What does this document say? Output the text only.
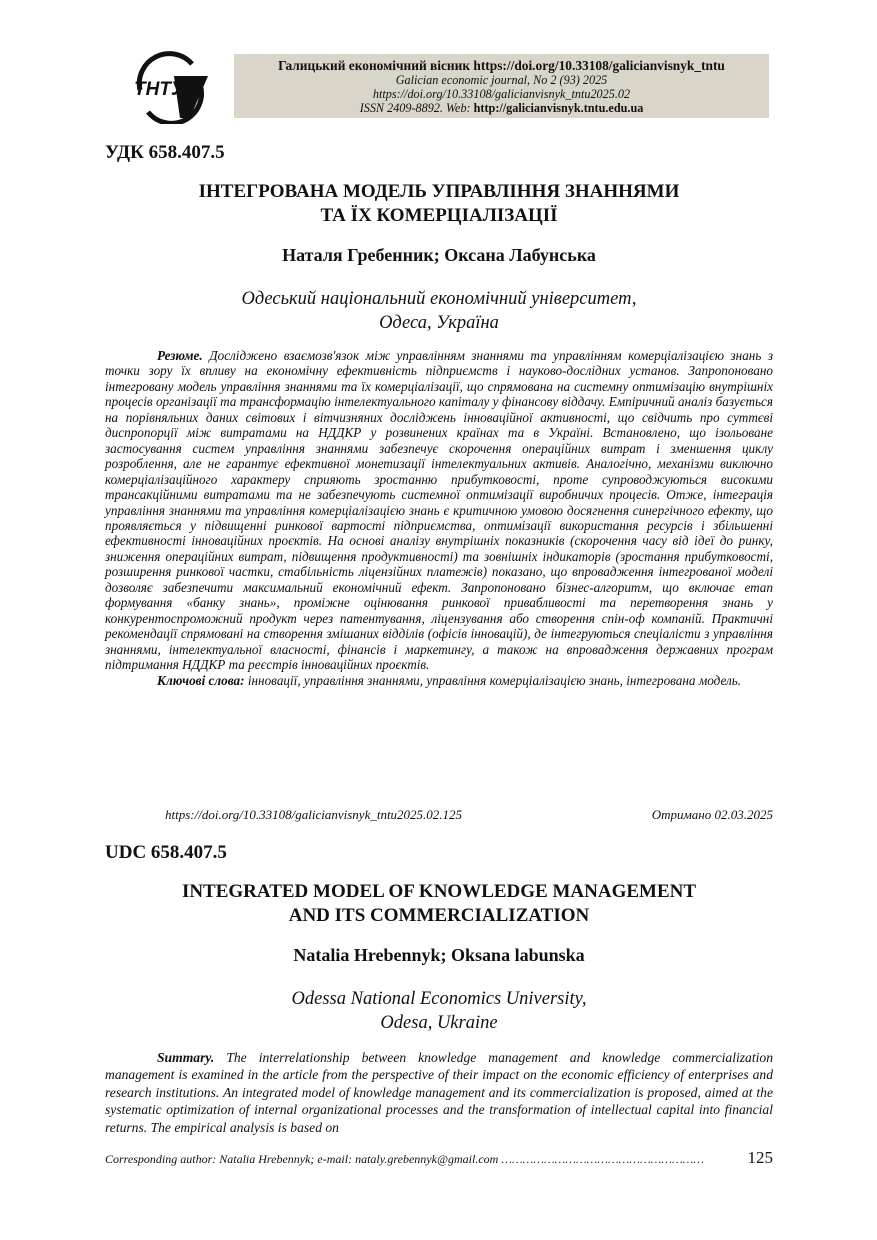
ТНТУ
Галицький економічний вісник https://doi.org/10.33108/galicianvisnyk_tntu
Galician economic journal, No 2 (93) 2025
https://doi.org/10.33108/galicianvisnyk_tntu2025.02
ISSN 2409-8892. Web: http://galicianvisnyk.tntu.edu.ua
УДК 658.407.5
ІНТЕГРОВАНА МОДЕЛЬ УПРАВЛІННЯ ЗНАННЯМИ
ТА ЇХ КОМЕРЦІАЛІЗАЦІЇ
Наталя Гребенник; Оксана Лабунська
Одеський національний економічний університет,
Одеса, Україна

Резюме. Досліджено взаємозв'язок між управлінням знаннями та управлінням комерціалізацією знань з точки зору їх впливу на економічну ефективність підприємств і науково-дослідних установ. Запропоновано інтегровану модель управління знаннями та їх комерціалізації, що спрямована на системну оптимізацію внутрішніх процесів організації та трансформацію інтелектуального капіталу у фінансову віддачу. Емпіричний аналіз базується на порівняльних даних світових і вітчизняних досліджень інноваційної активності, що свідчить про суттєві диспропорції між витратами на НДДКР у розвинених країнах та в Україні. Встановлено, що ізольоване застосування систем управління знаннями забезпечує скорочення операційних витрат і зменшення циклу розроблення, але не гарантує ефективної монетизації інтелектуальних активів. Аналогічно, механізми виключно комерціалізаційного характеру сприяють зростанню прибутковості, проте супроводжуються високими трансакційними витратами та не забезпечують системної оптимізації виробничих процесів. Отже, інтеграція управління знаннями та управління комерціалізацією знань є критичною умовою досягнення синергічного ефекту, що проявляється у підвищенні ринкової вартості підприємства, оптимізації використання ресурсів і збільшенні ефективності інноваційних проєктів. На основі аналізу внутрішніх показників (скорочення часу від ідеї до ринку, зниження операційних витрат, підвищення продуктивності) та зовнішніх індикаторів (зростання прибутковості, розширення ринкової частки, стабільність ліцензійних платежів) показано, що впровадження інтегрованої моделі дозволяє забезпечити максимальний економічний ефект. Запропоновано бізнес-алгоритм, що включає етап формування «банку знань», проміжне оцінювання ринкової привабливості та перетворення знань у конкурентоспроможний продукт через патентування, ліцензування або створення спін-оф компаній. Практичні рекомендації спрямовані на створення змішаних відділів (офісів інновацій), де інтегруються спеціалісти з управління знаннями, інтелектуальної власності, фінансів і маркетингу, а також на впровадження державних програм підтримання НДДКР та реєстрів інноваційних проєктів.

Ключові слова: інновації, управління знаннями, управління комерціалізацією знань, інтегрована модель.

https://doi.org/10.33108/galicianvisnyk_tntu2025.02.125	Отримано 02.03.2025
UDC 658.407.5
INTEGRATED MODEL OF KNOWLEDGE MANAGEMENT
AND ITS COMMERCIALIZATION
Natalia Hrebennyk; Oksana labunska
Odessa National Economics University,
Odesa, Ukraine

Summary. The interrelationship between knowledge management and knowledge commercialization management is examined in the article from the perspective of their impact on the economic efficiency of enterprises and research institutions. An integrated model of knowledge management and its commercialization is proposed, aimed at the systematic optimization of internal organizational processes and the transformation of intellectual capital into financial returns. The empirical analysis is based on

Corresponding author: Natalia Hrebennyk; e-mail: nataly.grebennyk@gmail.com …………………………………………………	125
